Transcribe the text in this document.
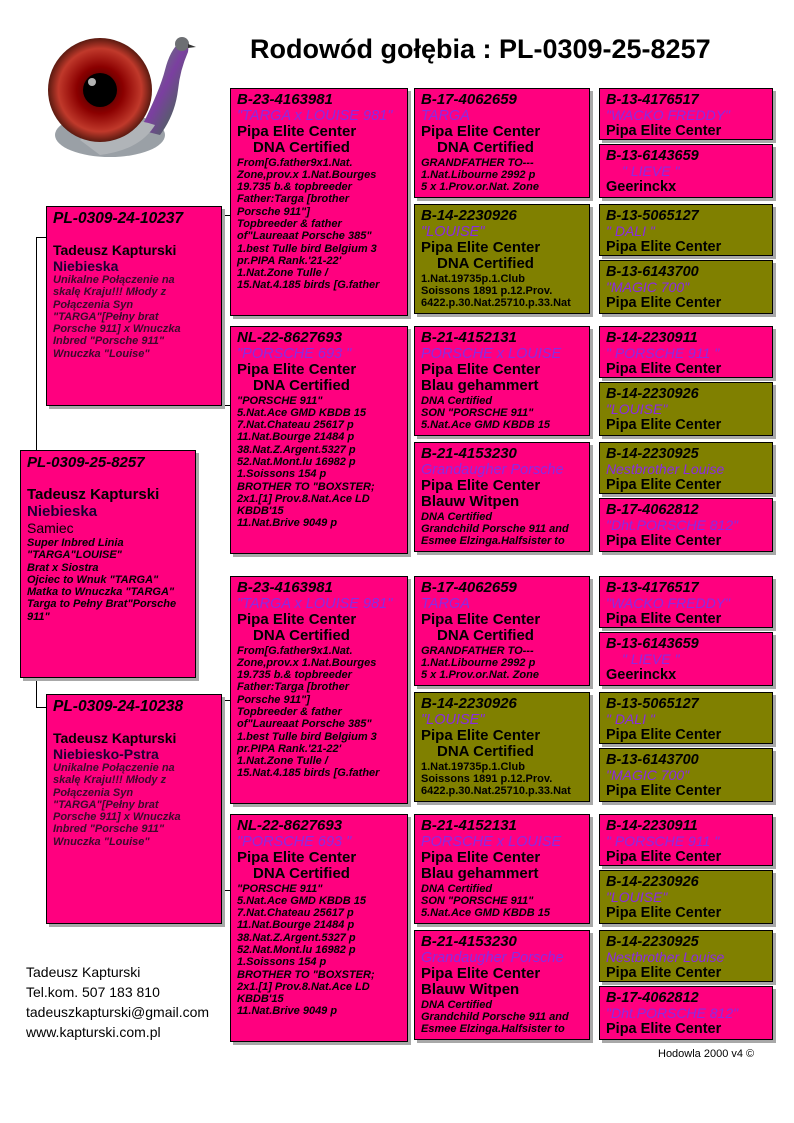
Rodowód gołębia : PL-0309-25-8257
PL-0309-25-8257
Tadeusz Kapturski
Niebieska
Samiec

Super Inbred Linia
"TARGA"LOUISE"
Brat x Siostra
Ojciec to Wnuk "TARGA"
Matka to Wnuczka "TARGA"
Targa to Pełny Brat"Porsche
911"

PL-0309-24-10237
Tadeusz Kapturski
Niebieska

Unikalne Połączenie na
skalę Kraju!!! Młody z
Połączenia Syn
"TARGA"[Pełny brat
Porsche 911] x Wnuczka
Inbred "Porsche 911"
Wnuczka "Louise"

PL-0309-24-10238
Tadeusz Kapturski
Niebiesko-Pstra

Unikalne Połączenie na
skalę Kraju!!! Młody z
Połączenia Syn
"TARGA"[Pełny brat
Porsche 911] x Wnuczka
Inbred "Porsche 911"
Wnuczka "Louise"

B-23-4163981
"TARGA x LOUISE 981"
Pipa Elite Center
DNA Certified

From[G.father9x1.Nat.
Zone,prov.x 1.Nat.Bourges
19.735 b.& topbreeder
Father:Targa [brother
Porsche 911"]
Topbreeder & father
of"Laureaat Porsche 385"
1.best Tulle bird Belgium 3
pr.PIPA Rank.'21-22'
1.Nat.Zone Tulle /
15.Nat.4.185 birds [G.father

NL-22-8627693
"PORSCHE 693 "
Pipa Elite Center
DNA Certified

"PORSCHE 911"
5.Nat.Ace GMD KBDB 15
7.Nat.Chateau 25617 p
11.Nat.Bourge 21484 p
38.Nat.Z.Argent.5327 p
52.Nat.Mont.lu 16982 p
1.Soissons 154 p
BROTHER TO "BOXSTER;
2x1.[1] Prov.8.Nat.Ace LD
KBDB'15
11.Nat.Brive 9049 p

B-23-4163981
"TARGA x LOUISE 981"
Pipa Elite Center
DNA Certified

From[G.father9x1.Nat.
Zone,prov.x 1.Nat.Bourges
19.735 b.& topbreeder
Father:Targa [brother
Porsche 911"]
Topbreeder & father
of"Laureaat Porsche 385"
1.best Tulle bird Belgium 3
pr.PIPA Rank.'21-22'
1.Nat.Zone Tulle /
15.Nat.4.185 birds [G.father

NL-22-8627693
"PORSCHE 693 "
Pipa Elite Center
DNA Certified

"PORSCHE 911"
5.Nat.Ace GMD KBDB 15
7.Nat.Chateau 25617 p
11.Nat.Bourge 21484 p
38.Nat.Z.Argent.5327 p
52.Nat.Mont.lu 16982 p
1.Soissons 154 p
BROTHER TO "BOXSTER;
2x1.[1] Prov.8.Nat.Ace LD
KBDB'15
11.Nat.Brive 9049 p

B-17-4062659
TARGA
Pipa Elite Center
DNA Certified

GRANDFATHER TO---
1.Nat.Libourne 2992 p
5 x 1.Prov.or.Nat. Zone

B-14-2230926
"LOUISE"
Pipa Elite Center
DNA Certified

1.Nat.19735p.1.Club
Soissons 1891 p.12.Prov.
6422.p.30.Nat.25710.p.33.Nat

B-21-4152131
PORSCHE x LOUISE
Pipa Elite Center
Blau gehammert

DNA Certified
SON "PORSCHE 911"
5.Nat.Ace GMD KBDB 15

B-21-4153230
Grandaugher Porsche
Pipa Elite Center
Blauw Witpen

DNA Certified
Grandchild Porsche 911 and
Esmee Elzinga.Halfsister to

B-17-4062659
TARGA
Pipa Elite Center
DNA Certified

GRANDFATHER TO---
1.Nat.Libourne 2992 p
5 x 1.Prov.or.Nat. Zone

B-14-2230926
"LOUISE"
Pipa Elite Center
DNA Certified

1.Nat.19735p.1.Club
Soissons 1891 p.12.Prov.
6422.p.30.Nat.25710.p.33.Nat

B-21-4152131
PORSCHE x LOUISE
Pipa Elite Center
Blau gehammert

DNA Certified
SON "PORSCHE 911"
5.Nat.Ace GMD KBDB 15

B-21-4153230
Grandaugher Porsche
Pipa Elite Center
Blauw Witpen

DNA Certified
Grandchild Porsche 911 and
Esmee Elzinga.Halfsister to

B-13-4176517
"WACKO FREDDY"
Pipa Elite Center
B-13-6143659
" LIEVE "
Geerinckx
B-13-5065127
" DALI "
Pipa Elite Center
B-13-6143700
"MAGIC 700"
Pipa Elite Center
B-14-2230911
" PORSCHE 911 "
Pipa Elite Center
B-14-2230926
"LOUISE"
Pipa Elite Center
B-14-2230925
Nestbrother Louise
Pipa Elite Center
B-17-4062812
"Dht.PORSCHE 812"
Pipa Elite Center
B-13-4176517
"WACKO FREDDY"
Pipa Elite Center
B-13-6143659
" LIEVE "
Geerinckx
B-13-5065127
" DALI "
Pipa Elite Center
B-13-6143700
"MAGIC 700"
Pipa Elite Center
B-14-2230911
" PORSCHE 911 "
Pipa Elite Center
B-14-2230926
"LOUISE"
Pipa Elite Center
B-14-2230925
Nestbrother Louise
Pipa Elite Center
B-17-4062812
"Dht.PORSCHE 812"
Pipa Elite Center
Tadeusz Kapturski
Tel.kom. 507 183 810
tadeuszkapturski@gmail.com
www.kapturski.com.pl
Hodowla 2000 v4 ©
